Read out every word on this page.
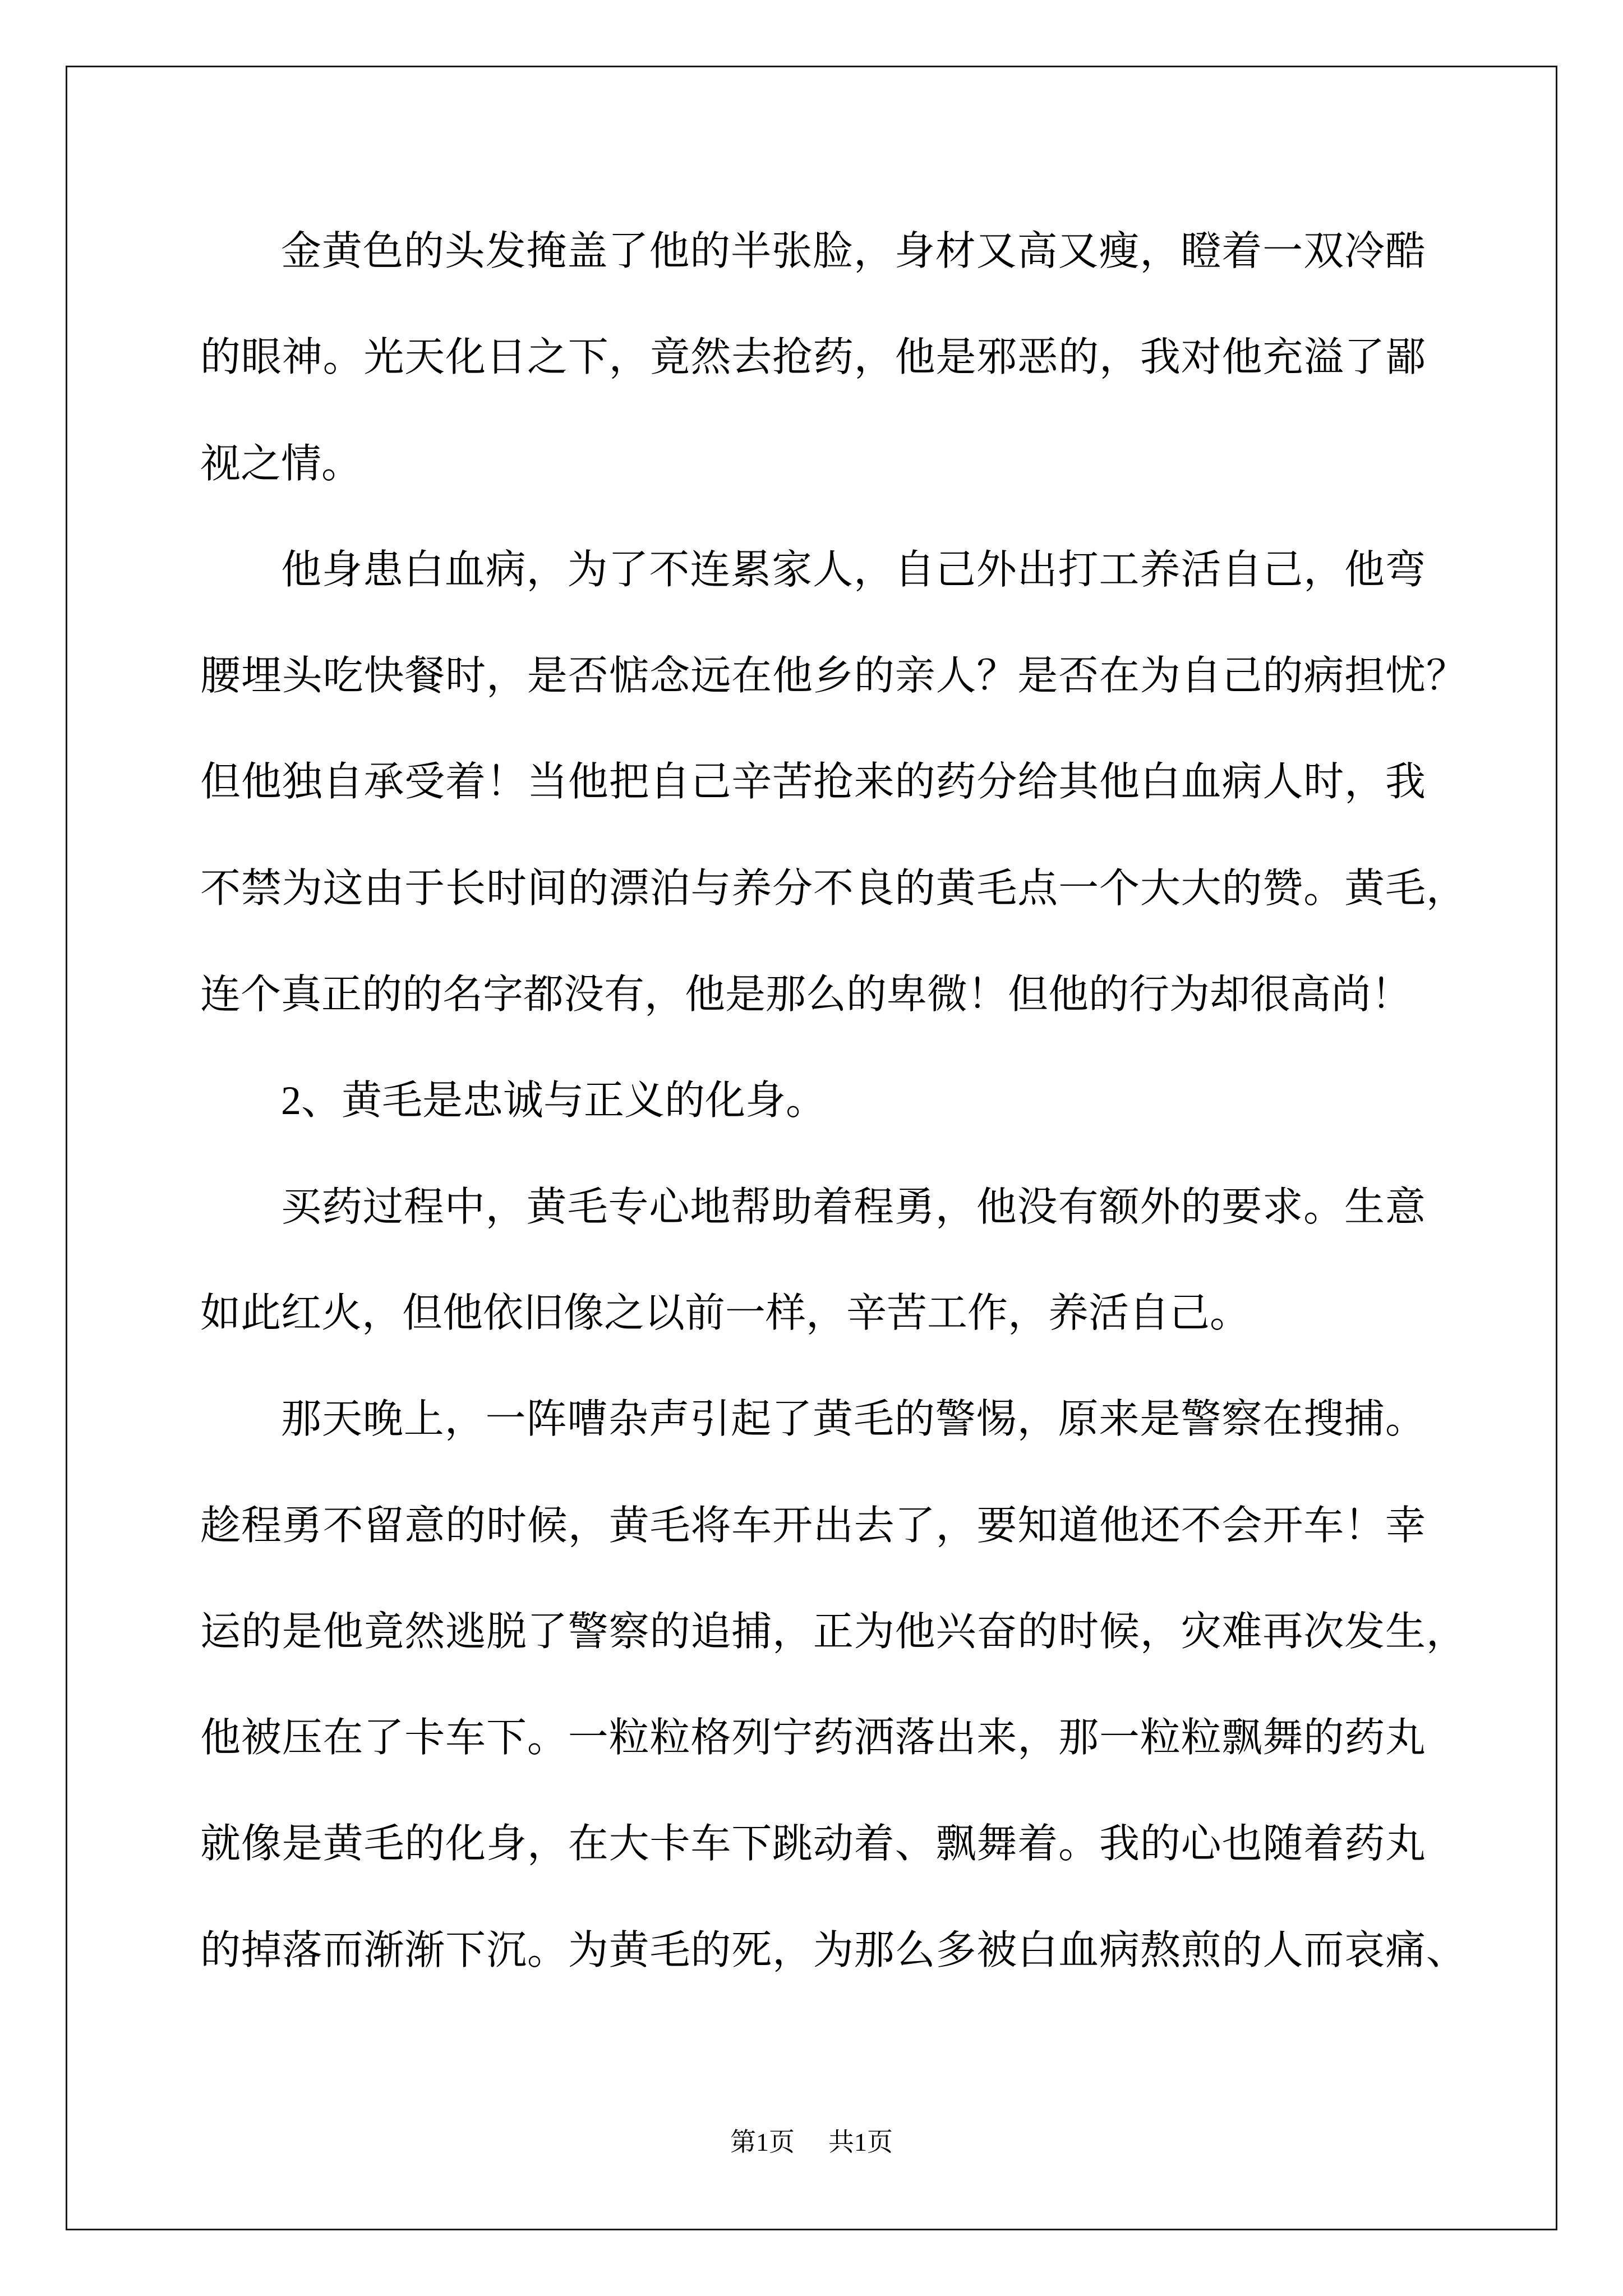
金黄色的头发掩盖了他的半张脸，身材又高又瘦，瞪着一双冷酷
的眼神。光天化日之下，竟然去抢药，他是邪恶的，我对他充溢了鄙
视之情。
他身患白血病，为了不连累家人，自己外出打工养活自己，他弯
腰埋头吃快餐时，是否惦念远在他乡的亲人？是否在为自己的病担忧？
但他独自承受着！当他把自己辛苦抢来的药分给其他白血病人时，我
不禁为这由于长时间的漂泊与养分不良的黄毛点一个大大的赞。黄毛，
连个真正的的名字都没有，他是那么的卑微！但他的行为却很高尚！
2、黄毛是忠诚与正义的化身。
买药过程中，黄毛专心地帮助着程勇，他没有额外的要求。生意
如此红火，但他依旧像之以前一样，辛苦工作，养活自己。
那天晚上，一阵嘈杂声引起了黄毛的警惕，原来是警察在搜捕。
趁程勇不留意的时候，黄毛将车开出去了，要知道他还不会开车！幸
运的是他竟然逃脱了警察的追捕，正为他兴奋的时候，灾难再次发生，
他被压在了卡车下。一粒粒格列宁药洒落出来，那一粒粒飘舞的药丸
就像是黄毛的化身，在大卡车下跳动着、飘舞着。我的心也随着药丸
的掉落而渐渐下沉。为黄毛的死，为那么多被白血病熬煎的人而哀痛、
第1页 共1页
